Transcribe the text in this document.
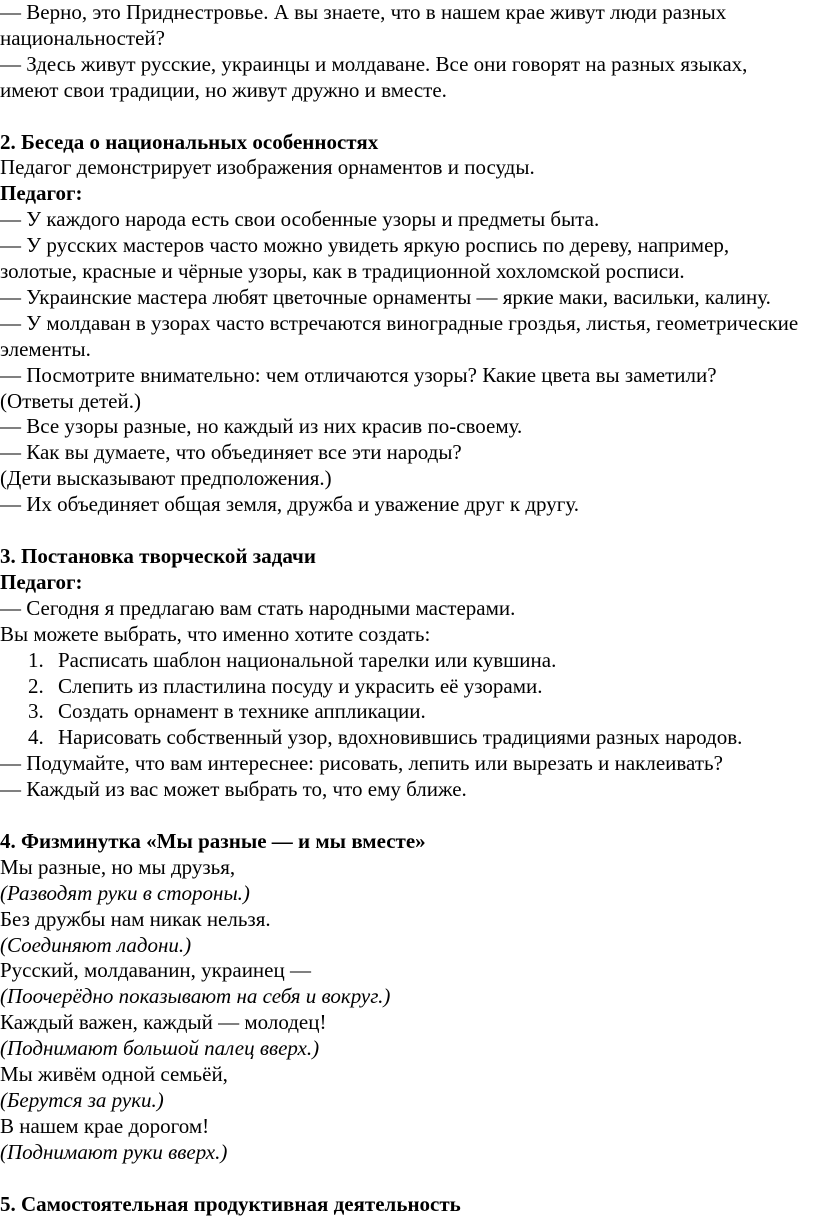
— Верно, это Приднестровье. А вы знаете, что в нашем крае живут люди разных национальностей?

— Здесь живут русские, украинцы и молдаване. Все они говорят на разных языках, имеют свои традиции, но живут дружно и вместе.

2. Беседа о национальных особенностях

Педагог демонстрирует изображения орнаментов и посуды.

Педагог:

— У каждого народа есть свои особенные узоры и предметы быта.

— У русских мастеров часто можно увидеть яркую роспись по дереву, например, золотые, красные и чёрные узоры, как в традиционной хохломской росписи.

— Украинские мастера любят цветочные орнаменты — яркие маки, васильки, калину.

— У молдаван в узорах часто встречаются виноградные гроздья, листья, геометрические элементы.

— Посмотрите внимательно: чем отличаются узоры? Какие цвета вы заметили?

(Ответы детей.)

— Все узоры разные, но каждый из них красив по-своему.

— Как вы думаете, что объединяет все эти народы?

(Дети высказывают предположения.)

— Их объединяет общая земля, дружба и уважение друг к другу.

3. Постановка творческой задачи

Педагог:

— Сегодня я предлагаю вам стать народными мастерами.

Вы можете выбрать, что именно хотите создать:

1. Расписать шаблон национальной тарелки или кувшина.
2. Слепить из пластилина посуду и украсить её узорами.
3. Создать орнамент в технике аппликации.
4. Нарисовать собственный узор, вдохновившись традициями разных народов.

— Подумайте, что вам интереснее: рисовать, лепить или вырезать и наклеивать?

— Каждый из вас может выбрать то, что ему ближе.

4. Физминутка «Мы разные — и мы вместе»

Мы разные, но мы друзья,

(Разводят руки в стороны.)

Без дружбы нам никак нельзя.

(Соединяют ладони.)

Русский, молдаванин, украинец —

(Поочерёдно показывают на себя и вокруг.)

Каждый важен, каждый — молодец!

(Поднимают большой палец вверх.)

Мы живём одной семьёй,

(Берутся за руки.)

В нашем крае дорогом!

(Поднимают руки вверх.)

5. Самостоятельная продуктивная деятельность
